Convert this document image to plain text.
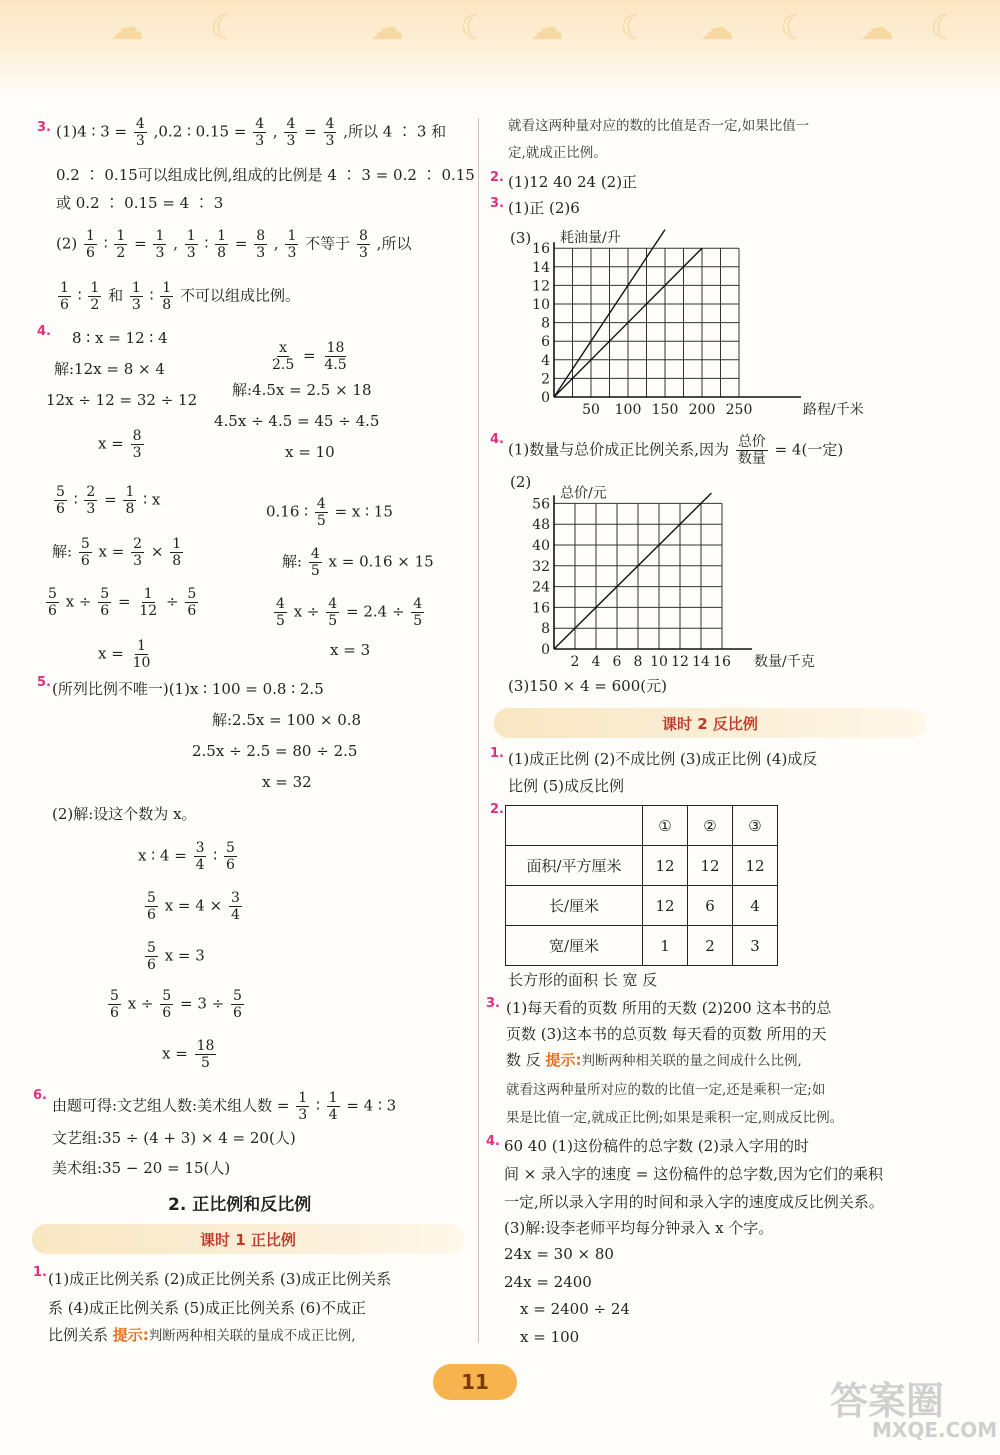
☁ ☾	☁ ☾ ☁ ☾ ☁ ☾ ☁ ☾
3. (1)4 ∶ $3 = \frac{4}{3} ,0.2$ ∶ $0.15 = \frac{4}{3}$ , $\frac{4}{3} = \frac{4}{3}$ ,所以 4 ∶ 3 和
0.2 ∶ 0.15可以组成比例,组成的比例是 4 ∶ 3 = 0.2 ∶ 0.15
或 0.2 ∶ 0.15 = 4 ∶ 3
$(2) \frac{1}{6}$ ∶ $\frac{1}{2} = \frac{1}{3}$ , $\frac{1}{3}$ ∶ $\frac{1}{8} = \frac{8}{3}$ , $\frac{1}{3}$ 不等于 $\frac{8}{3}$ ,所以
$\frac{1}{6}$ ∶ $\frac{1}{2}$ 和 $\frac{1}{3}$ ∶ $\frac{1}{8}$ 不可以组成比例。
4. 8 ∶ x = 12 ∶ 4
解:12x = 8 × 4
12x ÷ 12 = 32 ÷ 12
$x = \frac{8}{3}$
$\frac{x}{2.5} = \frac{18}{4.5}$
解:4.5x = 2.5 × 18
4.5x ÷ 4.5 = 45 ÷ 4.5
x = 10
$\frac{5}{6}$ ∶ $\frac{2}{3} = \frac{1}{8}$ ∶ x
解: $\frac{5}{6}$ $x = \frac{2}{3} \times \frac{1}{8}$
$\frac{5}{6}$ $x \div \frac{5}{6} = \frac{1}{12} \div \frac{5}{6}$
$x = \frac{1}{10}$
0.16 ∶ $\frac{4}{5} = x$ ∶ 15
解: $\frac{4}{5}$ x = 0.16 × 15
$\frac{4}{5}$ $x \div \frac{4}{5} = 2.4 \div \frac{4}{5}$
x = 3
5. (所列比例不唯一)(1)x ∶ 100 = 0.8 ∶ 2.5
解:2.5x = 100 × 0.8
2.5x ÷ 2.5 = 80 ÷ 2.5
x = 32
(2)解:设这个数为 x。
x ∶ $4 = \frac{3}{4}$ ∶ $\frac{5}{6}$
$\frac{5}{6}$ $x = 4 \times \frac{3}{4}$
$\frac{5}{6}$ x = 3
$\frac{5}{6}$ $x \div \frac{5}{6} = 3 \div \frac{5}{6}$
$x = \frac{18}{5}$
6.
由题可得:文艺组人数:美术组人数 = $\frac{1}{3}$ ∶ $\frac{1}{4} = 4$ ∶ 3
文艺组:35 ÷ (4 + 3) × 4 = 20(人)
美术组:35 − 20 = 15(人)
2. 正比例和反比例
课时 1 正比例
1. (1)成正比例关系 (2)成正比例关系 (3)成正比例关系
系 (4)成正比例关系 (5)成正比例关系 (6)不成正
比例关系 提示:判断两种相关联的量成不成正比例,
就看这两种量对应的数的比值是否一定,如果比值一
定,就成正比例。
2. (1)12 40 24 (2)正
3. (1)正 (2)6
(3)
0
2
4
6
8
10
12
14
16
50 100 150 200 250
耗油量/升
路程/千米
4.
(1)数量与总价成正比例关系,因为 $\frac{\text{总价}}{\text{数量}} = 4$(一定)
(2)
0
8
16
24
32
40
48
56
2 4 6 8 10 12 14 16
总价/元
数量/千克
(3)150 × 4 = 600(元)
课时 2 反比例
1. (1)成正比例 (2)不成比例 (3)成正比例 (4)成反
比例 (5)成反比例
2.
	①	②	③
面积/平方厘米	12	12	12
长/厘米	12	6	4
宽/厘米	1	2	3
长方形的面积 长 宽 反
3. (1)每天看的页数 所用的天数 (2)200 这本书的总
页数 (3)这本书的总页数 每天看的页数 所用的天
数 反 提示:判断两种相关联的量之间成什么比例,
就看这两种量所对应的数的比值一定,还是乘积一定;如
果是比值一定,就成正比例;如果是乘积一定,则成反比例。
4. 60 40 (1)这份稿件的总字数 (2)录入字用的时
间 × 录入字的速度 = 这份稿件的总字数,因为它们的乘积
一定,所以录入字用的时间和录入字的速度成反比例关系。
(3)解:设李老师平均每分钟录入 x 个字。
24x = 30 × 80
24x = 2400
x = 2400 ÷ 24
x = 100
11	答案圈
MXQE.COM
